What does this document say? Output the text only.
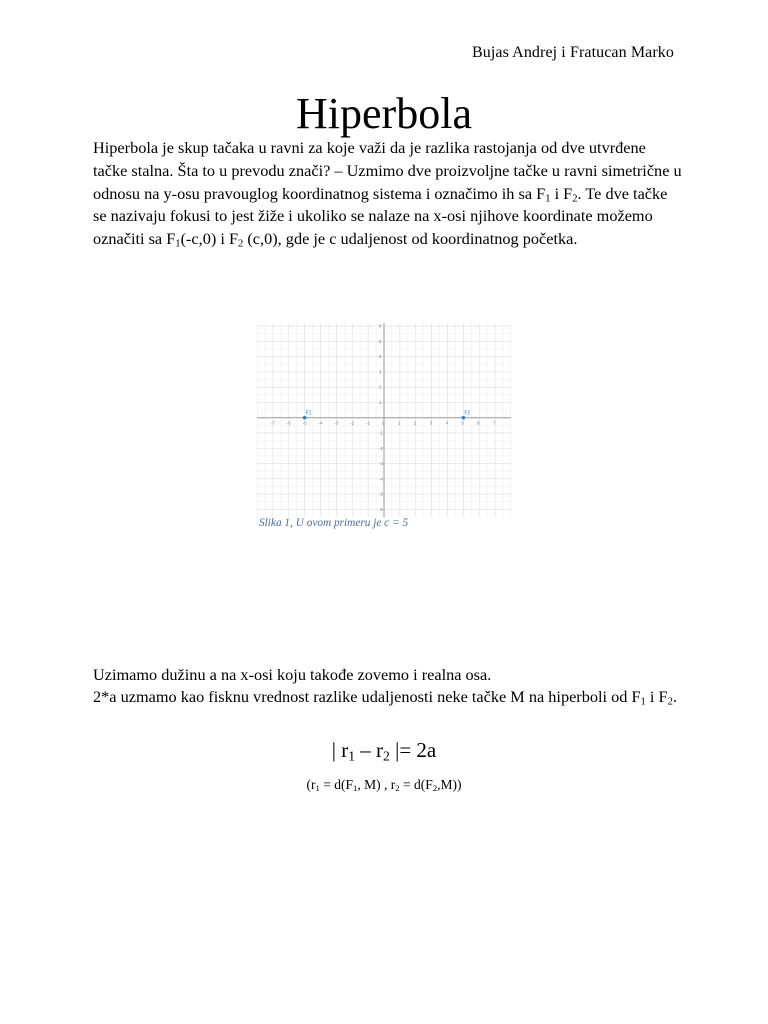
Bujas Andrej i Fratucan Marko
Hiperbola
Hiperbola je skup tačaka u ravni za koje važi da je razlika rastojanja od dve utvrđene tačke stalna. Šta to u prevodu znači? – Uzmimo dve proizvoljne tačke u ravni simetrične u odnosu na y-osu pravouglog koordinatnog sistema i označimo ih sa $F_1$ i $F_2$. Te dve tačke se nazivaju fokusi to jest žiže i ukoliko se nalaze na x-osi njihove koordinate možemo označiti sa $F_1(-c,0)$ i $F_2$ (c,0), gde je c udaljenost od koordinatnog početka.
-7	-6	-5	-4	-3	-2	-1	0	1	2	3	4	5	6	7
6
5
4
3
2
1
-1
-2
-3
-4
-5
-6
F1	F2
Slika 1, U ovom primeru je c = 5
Uzimamo dužinu a na x-osi koju takođe zovemo i realna osa.
2*a uzmamo kao fisknu vrednost razlike udaljenosti neke tačke M na hiperboli od $F_1$ i $F_2$.
| $r_1 - r_2$ |= 2a
($r_1 = d(F_1$, M) , $r_2 = d(F_2,M)$)
